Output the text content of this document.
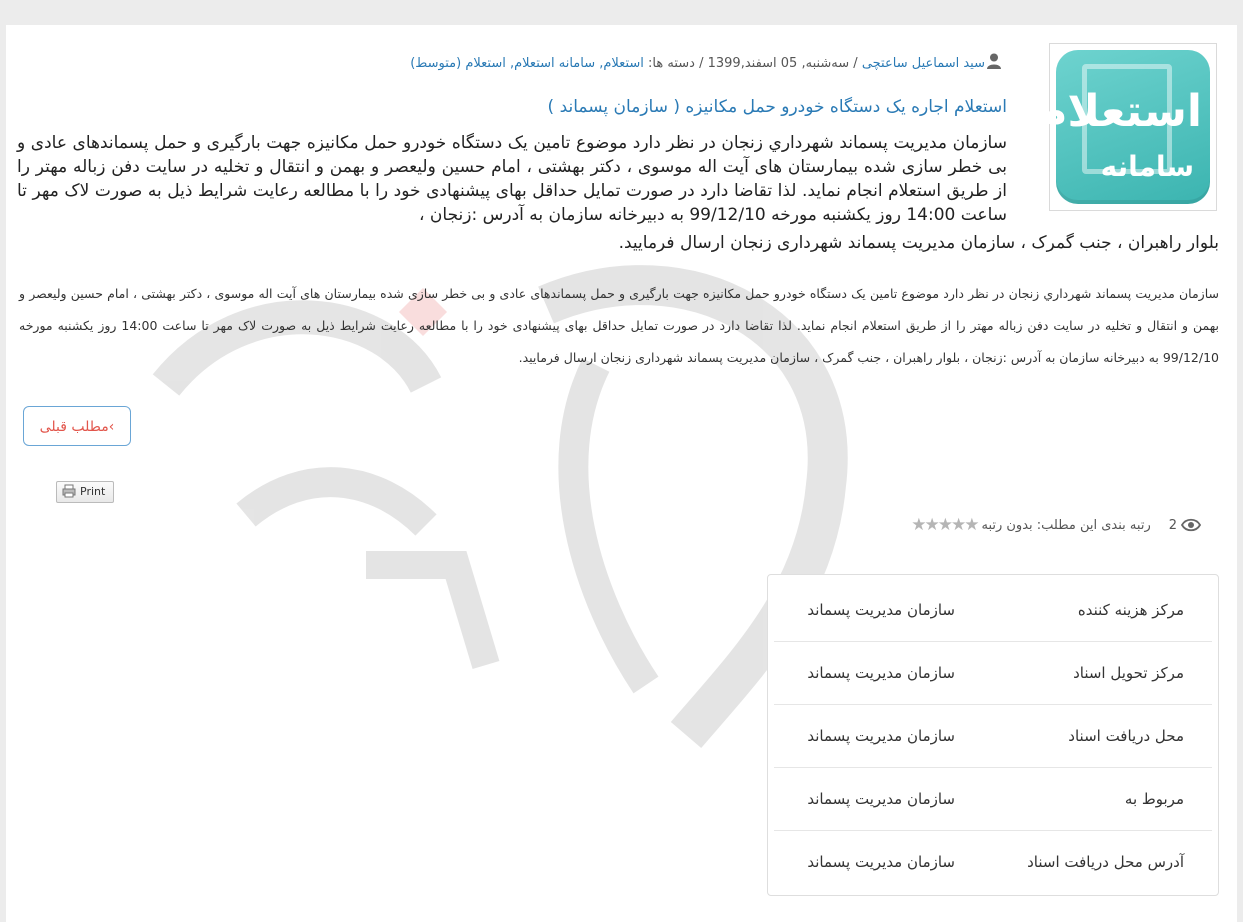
استعلام
سامانه
سید اسماعیل ساعتچی / سه‌شنبه, 05 اسفند,1399 / دسته ها: استعلام, سامانه استعلام, استعلام (متوسط)
استعلام اجاره یک دستگاه خودرو حمل مکانیزه ( سازمان پسماند )
سازمان مدیریت پسماند شهرداري زنجان در نظر دارد موضوع تامین یک دستگاه خودرو حمل مکانیزه جهت بارگیری و حمل پسماندهای عادی و بی خطر سازی شده بیمارستان های آیت اله موسوی ، دکتر بهشتی ، امام حسین ولیعصر و بهمن و انتقال و تخلیه در سایت دفن زباله مهتر را از طریق استعلام انجام نماید. لذا تقاضا دارد در صورت تمایل حداقل بهای پیشنهادی خود را با مطالعه رعایت شرایط ذیل به صورت لاک مهر تا ساعت 14:00 روز یکشنبه مورخه 99/12/10 به دبیرخانه سازمان به آدرس :زنجان ،
بلوار راهبران ، جنب گمرک ، سازمان مدیریت پسماند شهرداری زنجان ارسال فرمایید.
سازمان مدیریت پسماند شهرداري زنجان در نظر دارد موضوع تامین یک دستگاه خودرو حمل مکانیزه جهت بارگیری و حمل پسماندهای عادی و بی خطر سازی شده بیمارستان های آیت اله موسوی ، دکتر بهشتی ، امام حسین ولیعصر و بهمن و انتقال و تخلیه در سایت دفن زباله مهتر را از طریق استعلام انجام نماید. لذا تقاضا دارد در صورت تمایل حداقل بهای پیشنهادی خود را با مطالعه رعایت شرایط ذیل به صورت لاک مهر تا ساعت 14:00 روز یکشنبه مورخه 99/12/10 به دبیرخانه سازمان به آدرس :زنجان ، بلوار راهبران ، جنب گمرک ، سازمان مدیریت پسماند شهرداری زنجان ارسال فرمایید.
›مطلب قبلی
Print
2
رتبه بندی این مطلب: بدون رتبه
★★★★★
مرکز هزینه کننده
سازمان مدیریت پسماند
مرکز تحویل اسناد
سازمان مدیریت پسماند
محل دریافت اسناد
سازمان مدیریت پسماند
مربوط به
سازمان مدیریت پسماند
آدرس محل دریافت اسناد
سازمان مدیریت پسماند
